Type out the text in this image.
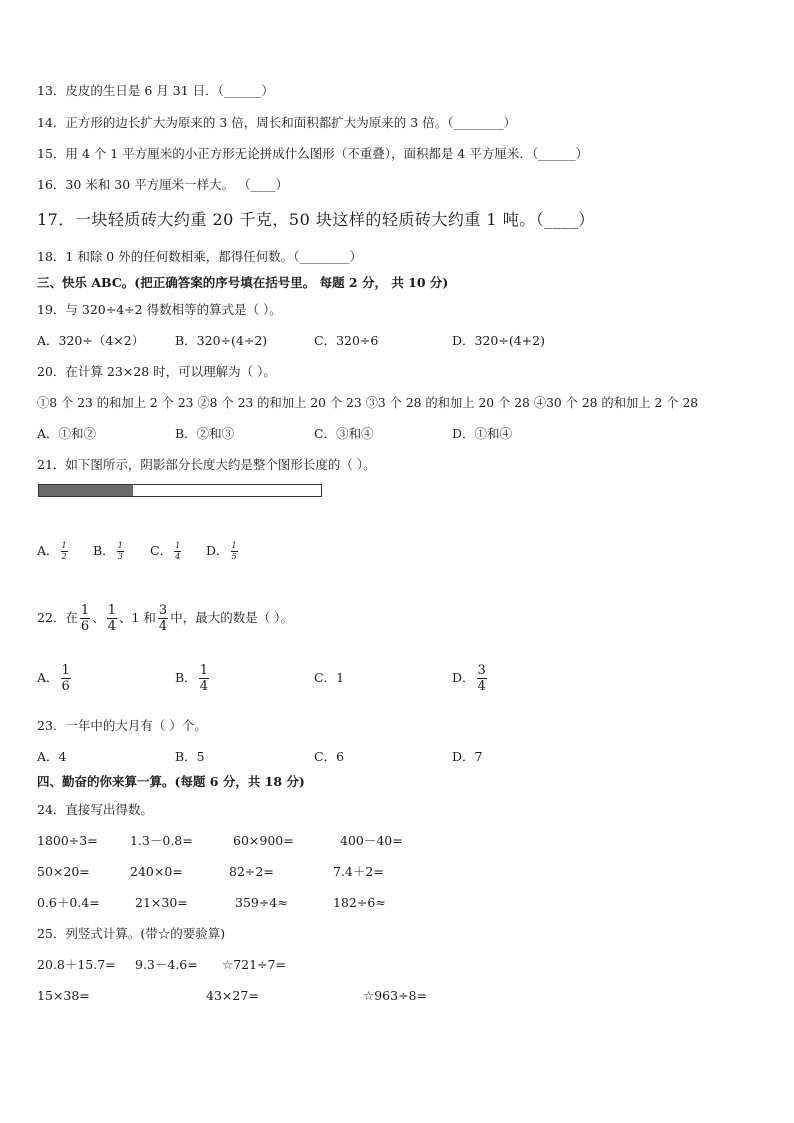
13．皮皮的生日是 6 月 31 日．（______）
14．正方形的边长扩大为原来的 3 倍，周长和面积都扩大为原来的 3 倍。（________）
15．用 4 个 1 平方厘米的小正方形无论拼成什么图形（不重叠），面积都是 4 平方厘米．（______）
16．30 米和 30 平方厘米一样大。 （____）
17．一块轻质砖大约重 20 千克，50 块这样的轻质砖大约重 1 吨。（____）
18．1 和除 0 外的任何数相乘，都得任何数。（________）
三、快乐 ABC。(把正确答案的序号填在括号里。 每题 2 分， 共 10 分)
19．与 320÷4÷2 得数相等的算式是（ ）。
A．320÷（4×2） B．320÷(4÷2)	C．320÷6	D．320÷(4+2)
20．在计算 23×28 时，可以理解为（ ）。
①8 个 23 的和加上 2 个 23 ②8 个 23 的和加上 20 个 23 ③3 个 28 的和加上 20 个 28 ④30 个 28 的和加上 2 个 28
A．①和②	B．②和③	C．③和④	D．①和④
21．如下图所示，阴影部分长度大约是整个图形长度的（ ）。
A． $\frac{1}{2}$ B． $\frac{1}{3}$ C． $\frac{1}{4}$ D． $\frac{1}{5}$
22．在 $\frac{1}{6}$ 、 $\frac{1}{4}$ 、1 和 $\frac{3}{4}$ 中，最大的数是（ ）。
A． $\frac{1}{6}$	B． $\frac{1}{4}$	C．1	D． $\frac{3}{4}$
23．一年中的大月有（ ）个。
A．4	B．5	C．6	D．7
四、勤奋的你来算一算。(每题 6 分，共 18 分)
24．直接写出得数。
1800÷3=	1.3－0.8=	60×900=	400－40=
50×20=	240×0=	82÷2=	7.4＋2=
0.6＋0.4=	21×30=	359÷4≈	182÷6≈
25．列竖式计算。(带☆的要验算)
20.8＋15.7= 9.3－4.6= ☆721÷7=
15×38=	43×27=	☆963÷8=
